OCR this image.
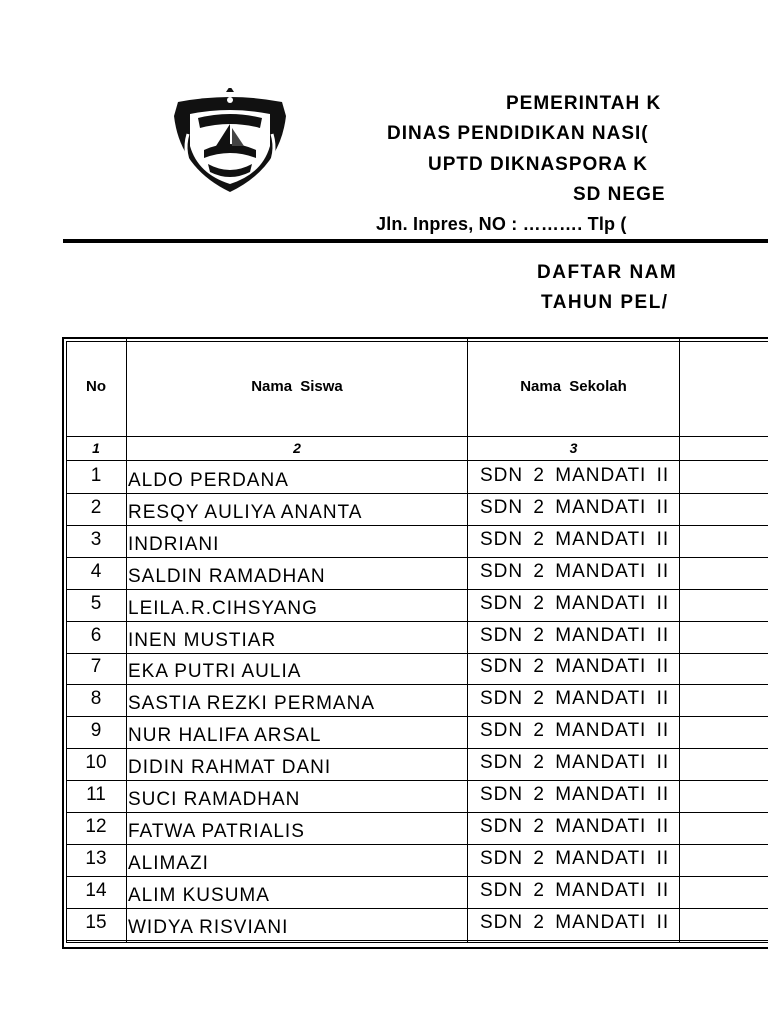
PEMERINTAH K
DINAS PENDIDIKAN NASI(
UPTD DIKNASPORA K
SD NEGE
Jln. Inpres, NO : ………. Tlp (
DAFTAR NAM
TAHUN PEL/
No	Nama Siswa	Nama Sekolah
1	2	3
1	ALDO PERDANA	SDN 2 MANDATI II
2	RESQY AULIYA ANANTA	SDN 2 MANDATI II
3	INDRIANI	SDN 2 MANDATI II
4	SALDIN RAMADHAN	SDN 2 MANDATI II
5	LEILA.R.CIHSYANG	SDN 2 MANDATI II
6	INEN MUSTIAR	SDN 2 MANDATI II
7	EKA PUTRI AULIA	SDN 2 MANDATI II
8	SASTIA REZKI PERMANA	SDN 2 MANDATI II
9	NUR HALIFA ARSAL	SDN 2 MANDATI II
10	DIDIN RAHMAT DANI	SDN 2 MANDATI II
11	SUCI RAMADHAN	SDN 2 MANDATI II
12	FATWA PATRIALIS	SDN 2 MANDATI II
13	ALIMAZI	SDN 2 MANDATI II
14	ALIM KUSUMA	SDN 2 MANDATI II
15	WIDYA RISVIANI	SDN 2 MANDATI II
